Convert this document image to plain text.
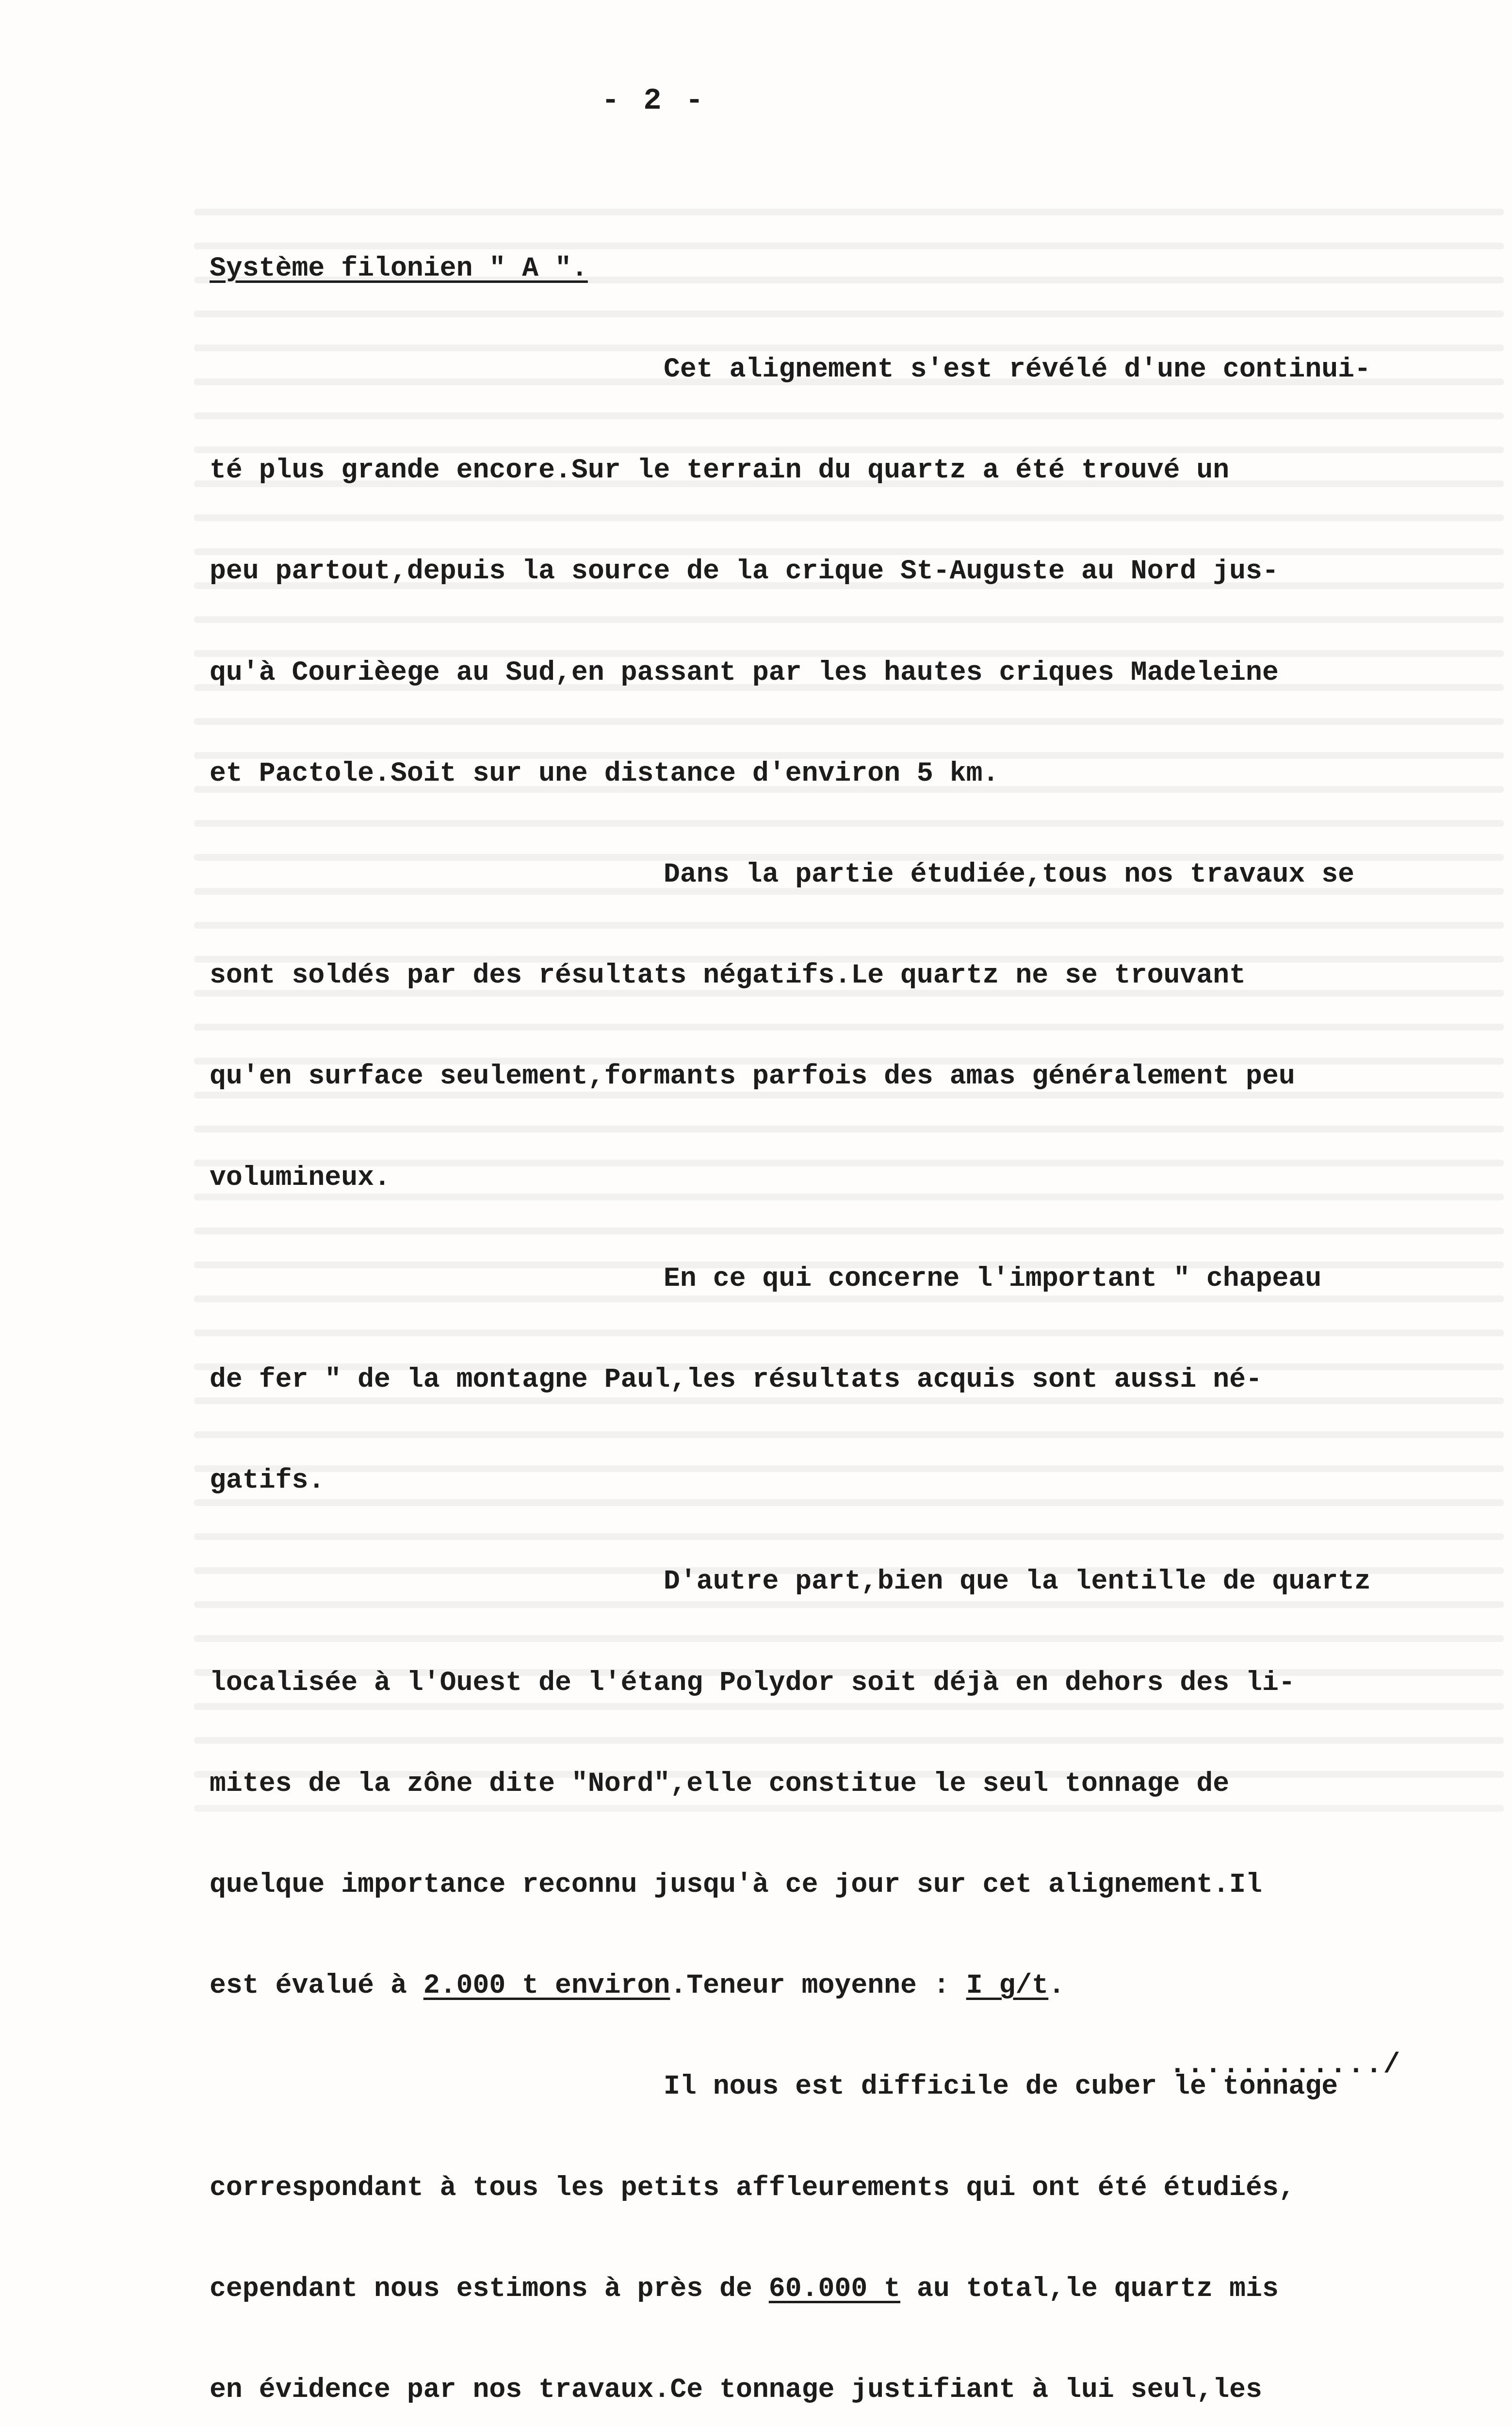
- 2 -

Système filonien " A ".

Cet alignement s'est révélé d'une continui-

té plus grande encore.Sur le terrain du quartz a été trouvé un

peu partout,depuis la source de la crique St-Auguste au Nord jus-

qu'à Courièege au Sud,en passant par les hautes criques Madeleine

et Pactole.Soit sur une distance d'environ 5 km.

Dans la partie étudiée,tous nos travaux se

sont soldés par des résultats négatifs.Le quartz ne se trouvant

qu'en surface seulement,formants parfois des amas généralement peu

volumineux.

En ce qui concerne l'important " chapeau

de fer " de la montagne Paul,les résultats acquis sont aussi né-

gatifs.

D'autre part,bien que la lentille de quartz

localisée à l'Ouest de l'étang Polydor soit déjà en dehors des li-

mites de la zône dite "Nord",elle constitue le seul tonnage de

quelque importance reconnu jusqu'à ce jour sur cet alignement.Il

est évalué à 2.000 t environ.Teneur moyenne : I g/t.

Il nous est difficile de cuber le tonnage

correspondant à tous les petits affleurements qui ont été étudiés,

cependant nous estimons à près de 60.000 t au total,le quartz mis

en évidence par nos travaux.Ce tonnage justifiant à lui seul,les

............/
